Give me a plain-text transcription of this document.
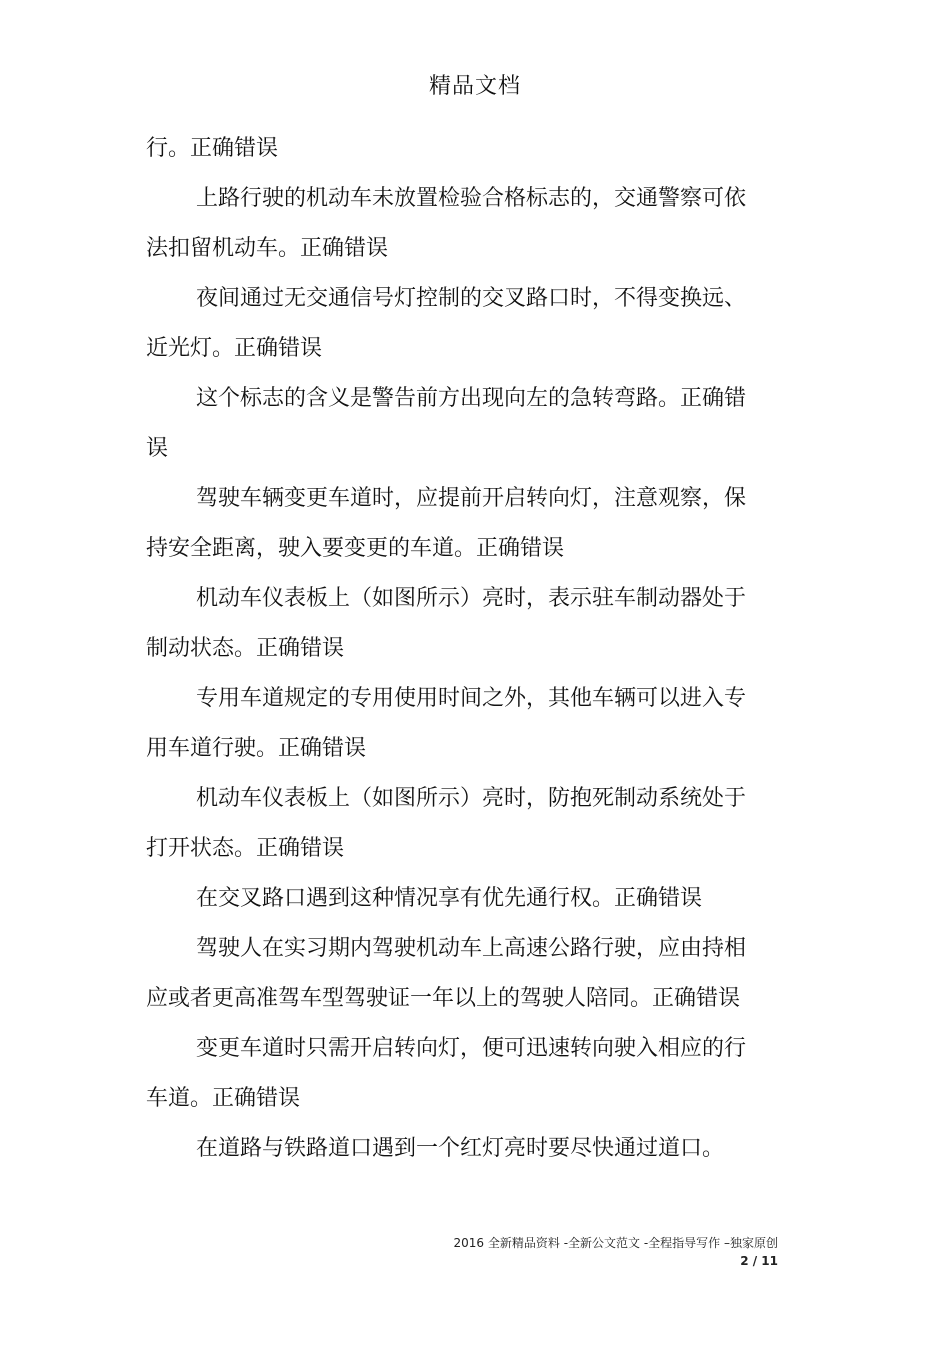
精品文档

行。正确错误

上路行驶的机动车未放置检验合格标志的，交通警察可依法扣留机动车。正确错误

夜间通过无交通信号灯控制的交叉路口时，不得变换远、近光灯。正确错误

这个标志的含义是警告前方出现向左的急转弯路。正确错误

驾驶车辆变更车道时，应提前开启转向灯，注意观察，保持安全距离，驶入要变更的车道。正确错误

机动车仪表板上（如图所示）亮时，表示驻车制动器处于制动状态。正确错误

专用车道规定的专用使用时间之外，其他车辆可以进入专用车道行驶。正确错误

机动车仪表板上（如图所示）亮时，防抱死制动系统处于打开状态。正确错误

在交叉路口遇到这种情况享有优先通行权。正确错误

驾驶人在实习期内驾驶机动车上高速公路行驶，应由持相应或者更高准驾车型驾驶证一年以上的驾驶人陪同。正确错误

变更车道时只需开启转向灯，便可迅速转向驶入相应的行车道。正确错误

在道路与铁路道口遇到一个红灯亮时要尽快通过道口。

2016 全新精品资料 -全新公文范文 -全程指导写作 –独家原创
2 / 11
